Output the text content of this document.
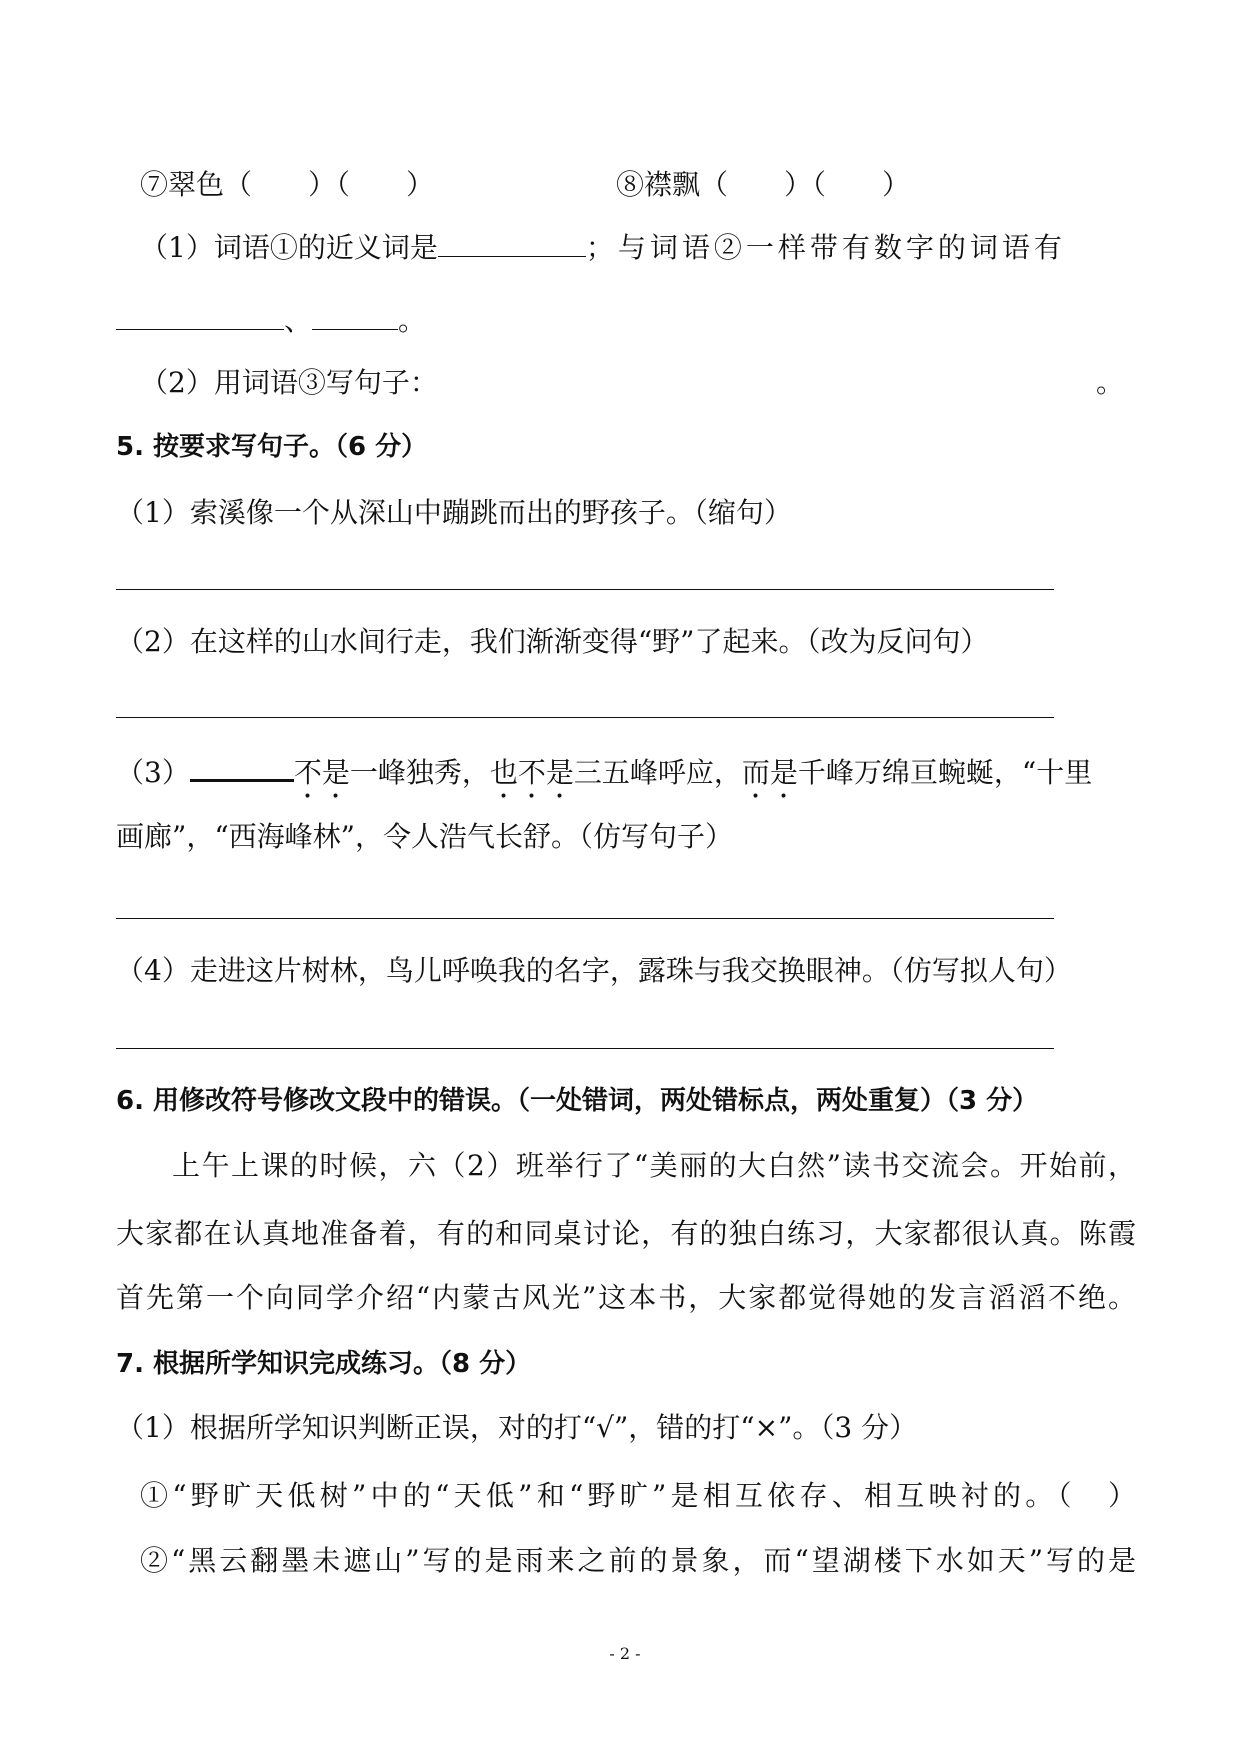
⑦翠色（　　）（　　）	⑧襟飘（　　）（　　）
（1）词语①的近义词是	；与词语②一样带有数字的词语有
、	。
（2）用词语③写句子：	。
5. 按要求写句子。（6 分）
（1）索溪像一个从深山中蹦跳而出的野孩子。（缩句）
（2）在这样的山水间行走，我们渐渐变得“野”了起来。（改为反问句）
（3）	不是一峰独秀，也不是三五峰呼应，而是千峰万绵亘蜿蜒，“十里
画廊”，“西海峰林”，令人浩气长舒。（仿写句子）
（4）走进这片树林，鸟儿呼唤我的名字，露珠与我交换眼神。（仿写拟人句）
6. 用修改符号修改文段中的错误。（一处错词，两处错标点，两处重复）（3 分）
上午上课的时候，六（2）班举行了“美丽的大白然”读书交流会。开始前，
大家都在认真地准备着，有的和同桌讨论，有的独白练习，大家都很认真。陈霞
首先第一个向同学介绍“内蒙古风光”这本书，大家都觉得她的发言滔滔不绝。
7. 根据所学知识完成练习。（8 分）
（1）根据所学知识判断正误，对的打“√”，错的打“×”。（3 分）
①“野旷天低树”中的“天低”和“野旷”是相互依存、相互映衬的。（　）
②“黑云翻墨未遮山”写的是雨来之前的景象，而“望湖楼下水如天”写的是
- 2 -
